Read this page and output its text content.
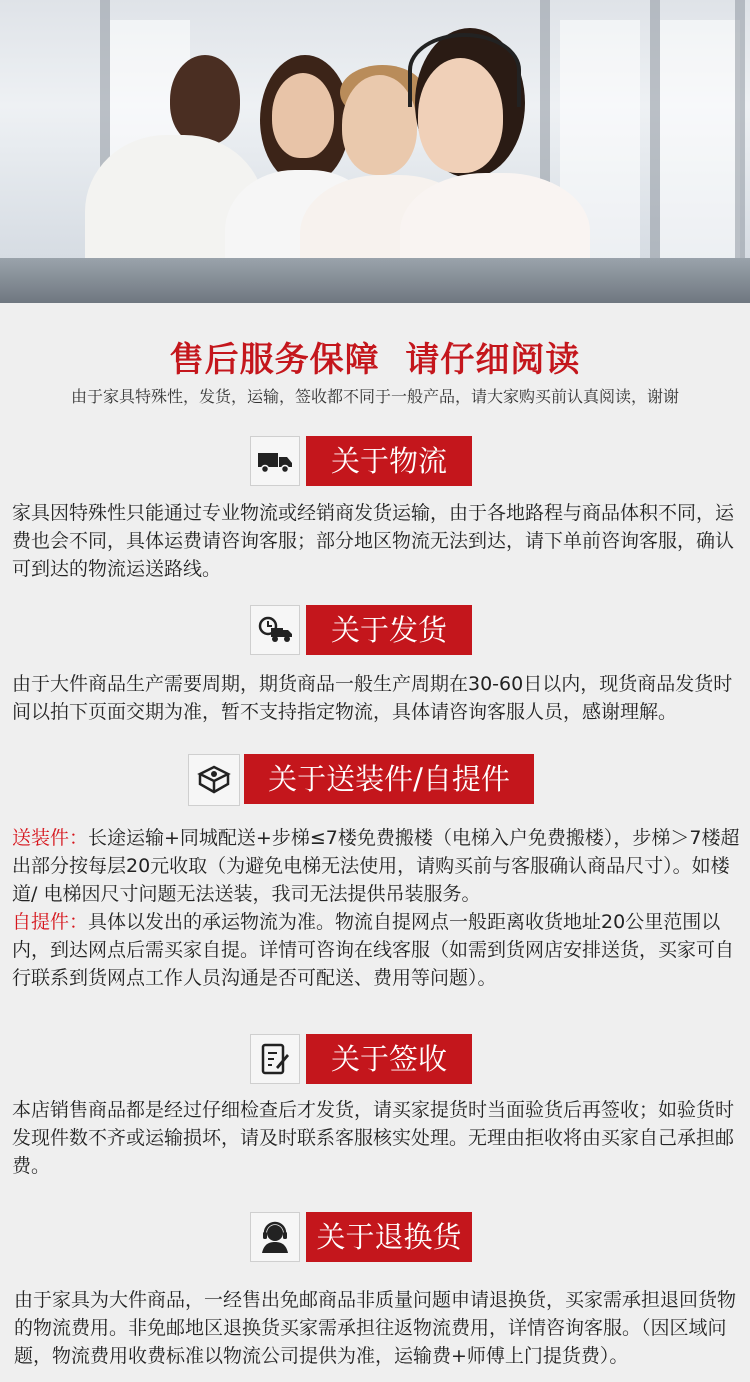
售后服务保障  请仔细阅读
由于家具特殊性，发货，运输，签收都不同于一般产品，请大家购买前认真阅读，谢谢
关于物流
家具因特殊性只能通过专业物流或经销商发货运输，由于各地路程与商品体积不同，运费也会不同，具体运费请咨询客服；部分地区物流无法到达，请下单前咨询客服，确认可到达的物流运送路线。
关于发货
由于大件商品生产需要周期，期货商品一般生产周期在30-60日以内，现货商品发货时间以拍下页面交期为准，暂不支持指定物流，具体请咨询客服人员，感谢理解。
关于送装件/自提件
送装件：长途运输+同城配送+步梯≤7楼免费搬楼（电梯入户免费搬楼），步梯＞7楼超出部分按每层20元收取（为避免电梯无法使用，请购买前与客服确认商品尺寸）。如楼道/ 电梯因尺寸问题无法送装，我司无法提供吊装服务。
自提件：具体以发出的承运物流为准。物流自提网点一般距离收货地址20公里范围以内，到达网点后需买家自提。详情可咨询在线客服（如需到货网店安排送货，买家可自行联系到货网点工作人员沟通是否可配送、费用等问题）。
关于签收
本店销售商品都是经过仔细检查后才发货，请买家提货时当面验货后再签收；如验货时发现件数不齐或运输损坏，请及时联系客服核实处理。无理由拒收将由买家自己承担邮费。
关于退换货
由于家具为大件商品，一经售出免邮商品非质量问题申请退换货，买家需承担退回货物的物流费用。非免邮地区退换货买家需承担往返物流费用，详情咨询客服。（因区域问题，物流费用收费标准以物流公司提供为准，运输费+师傅上门提货费）。
